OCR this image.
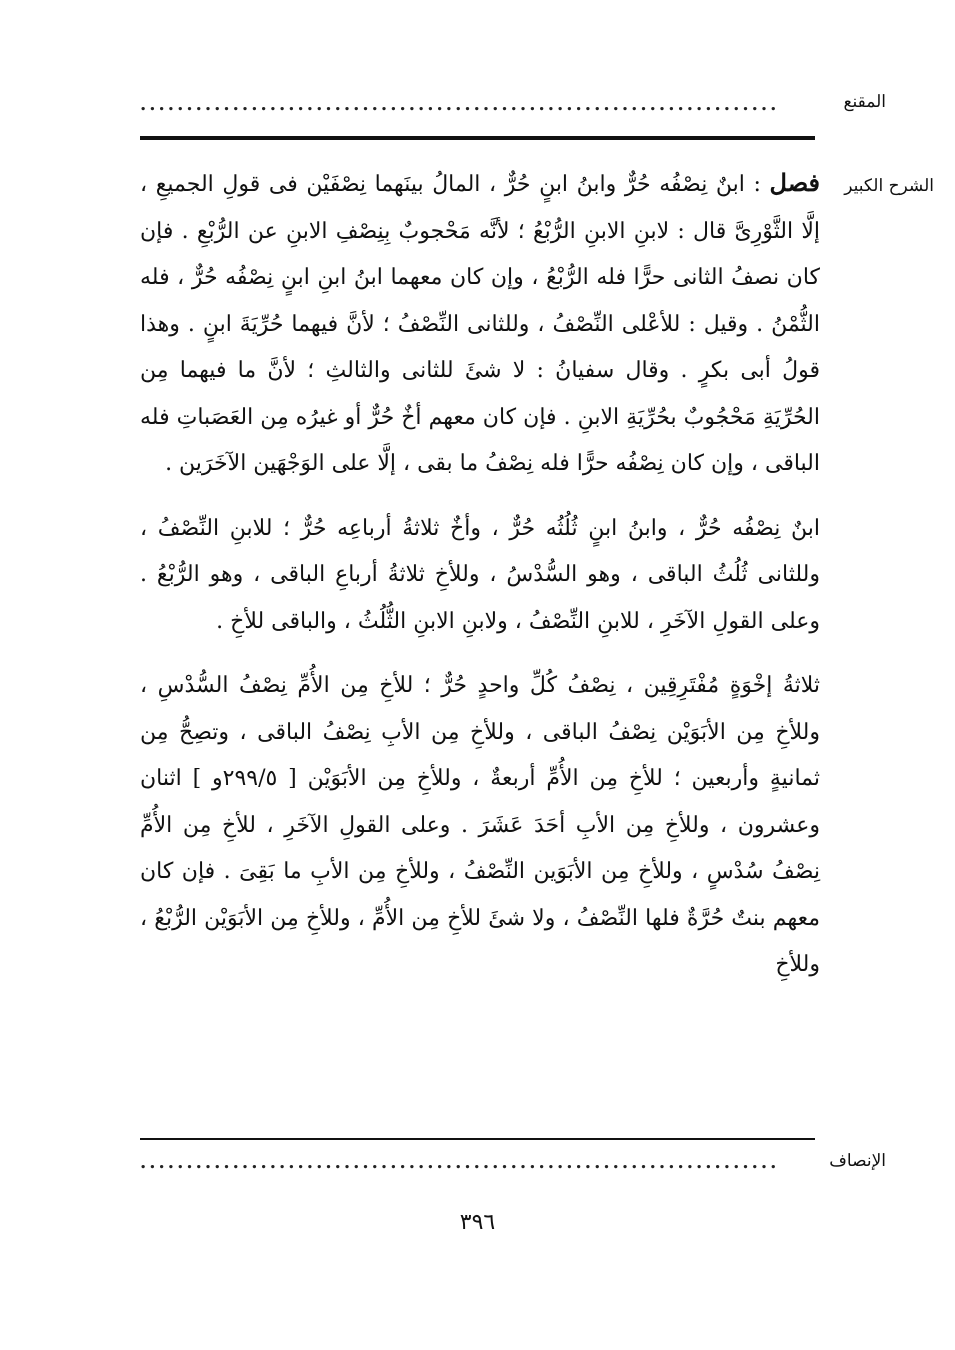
المقنع
.....................................................................
الشرح الكبير

فصل : ابنٌ نِصْفُه حُرٌّ وابنُ ابنٍ حُرٌّ ، المالُ بينَهما نِصْفَيْن فى قولِ الجميعِ ، إلَّا الثَّوْرِىَّ قال : لابنِ الابنِ الرُّبْعُ ؛ لأنَّه مَحْجوبٌ بِنِصْفِ الابنِ عن الرُّبْعِ . فإن كان نصفُ الثانى حرًّا فله الرُّبْعُ ، وإن كان معهما ابنُ ابنِ ابنٍ نِصْفُه حُرٌّ ، فله الثُّمْنُ . وقيل : للأعْلى النِّصْفُ ، وللثانى النِّصْفُ ؛ لأنَّ فيهما حُرِّيَةَ ابنٍ . وهذا قولُ أبى بكرٍ . وقال سفيانُ : لا شئَ للثانى والثالثِ ؛ لأنَّ ما فيهما مِن الحُرِّيَةِ مَحْجُوبٌ بحُرِّيَةِ الابنِ . فإن كان معهم أخٌ حُرٌّ أو غيرُه مِن العَصَباتِ فله الباقى ، وإن كان نِصْفُه حرًّا فله نِصْفُ ما بقى ، إلَّا على الوَجْهَين الآخَرَين .

ابنٌ نِصْفُه حُرٌّ ، وابنُ ابنٍ ثُلُثُه حُرٌّ ، وأخٌ ثلاثةُ أرباعِه حُرٌّ ؛ للابنِ النِّصْفُ ، وللثانى ثُلُثُ الباقى ، وهو السُّدْسُ ، وللأخِ ثلاثةُ أرباعِ الباقى ، وهو الرُّبْعُ . وعلى القولِ الآخَرِ ، للابنِ النِّصْفُ ، ولابنِ الابنِ الثُّلُثُ ، والباقى للأخِ .

ثلاثةُ إخْوَةٍ مُفْتَرِقِين ، نِصْفُ كُلِّ واحدٍ حُرٌّ ؛ للأخِ مِن الأُمِّ نِصْفُ السُّدْسِ ، وللأخِ مِن الأبَوَيْن نِصْفُ الباقى ، وللأخِ مِن الأبِ نِصْفُ الباقى ، وتصِحُّ مِن ثمانيةٍ وأربعين ؛ للأخِ مِن الأُمِّ أربعةٌ ، وللأخِ مِن الأبَوَيْن [ ٢٩٩/٥و ] اثنان وعشرون ، وللأخِ مِن الأبِ أحَدَ عَشَرَ . وعلى القولِ الآخَرِ ، للأخِ مِن الأُمِّ نِصْفُ سُدْسٍ ، وللأخِ مِن الأبَوَين النِّصْفُ ، وللأخِ مِن الأبِ ما بَقِىَ . فإن كان معهم بنتٌ حُرَّةٌ فلها النِّصْفُ ، ولا شئَ للأخِ مِن الأُمِّ ، وللأخِ مِن الأبَوَيْن الرُّبْعُ ، وللأخِ

الإنصاف
.....................................................................
٣٩٦
